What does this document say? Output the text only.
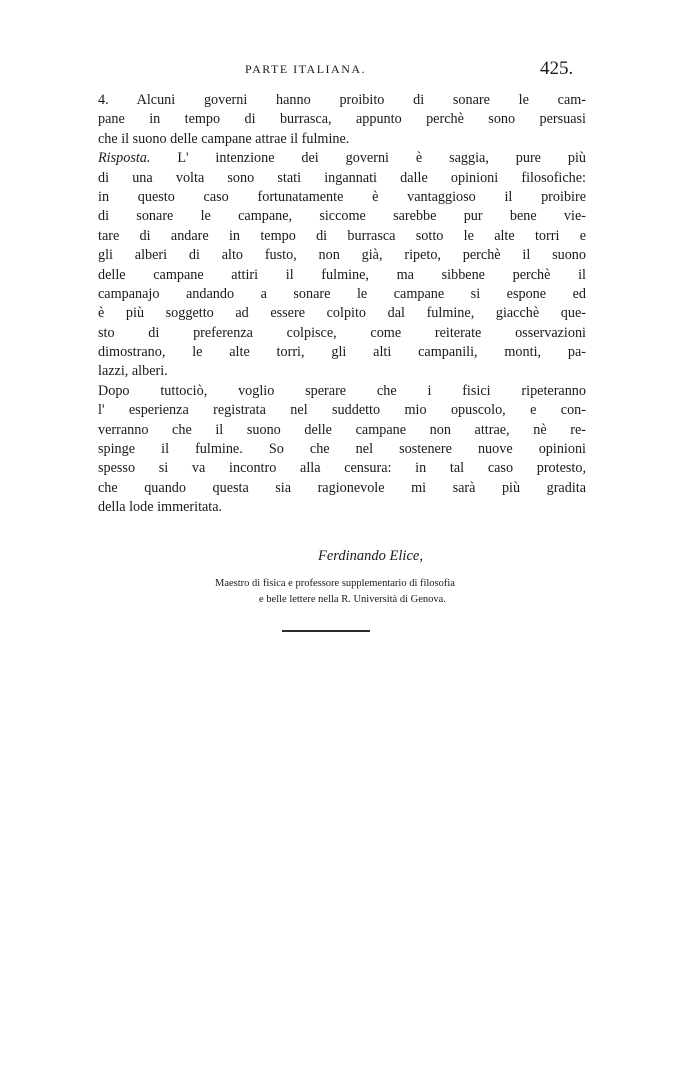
PARTE ITALIANA.	425.
4. Alcuni governi hanno proibito di sonare le cam-
pane in tempo di burrasca, appunto perchè sono persuasi
che il suono delle campane attrae il fulmine.
Risposta. L' intenzione dei governi è saggia, pure più
di una volta sono stati ingannati dalle opinioni filosofiche:
in questo caso fortunatamente è vantaggioso il proibire
di sonare le campane, siccome sarebbe pur bene vie-
tare di andare in tempo di burrasca sotto le alte torri e
gli alberi di alto fusto, non già, ripeto, perchè il suono
delle campane attiri il fulmine, ma sibbene perchè il
campanajo andando a sonare le campane si espone ed
è più soggetto ad essere colpito dal fulmine, giacchè que-
sto di preferenza colpisce, come reiterate osservazioni
dimostrano, le alte torri, gli alti campanili, monti, pa-
lazzi, alberi.
Dopo tuttociò, voglio sperare che i fisici ripeteranno
l' esperienza registrata nel suddetto mio opuscolo, e con-
verranno che il suono delle campane non attrae, nè re-
spinge il fulmine. So che nel sostenere nuove opinioni
spesso si va incontro alla censura: in tal caso protesto,
che quando questa sia ragionevole mi sarà più gradita
della lode immeritata.
Ferdinando Elice,
Maestro di fisica e professore supplementario di filosofia
e belle lettere nella R. Università di Genova.
